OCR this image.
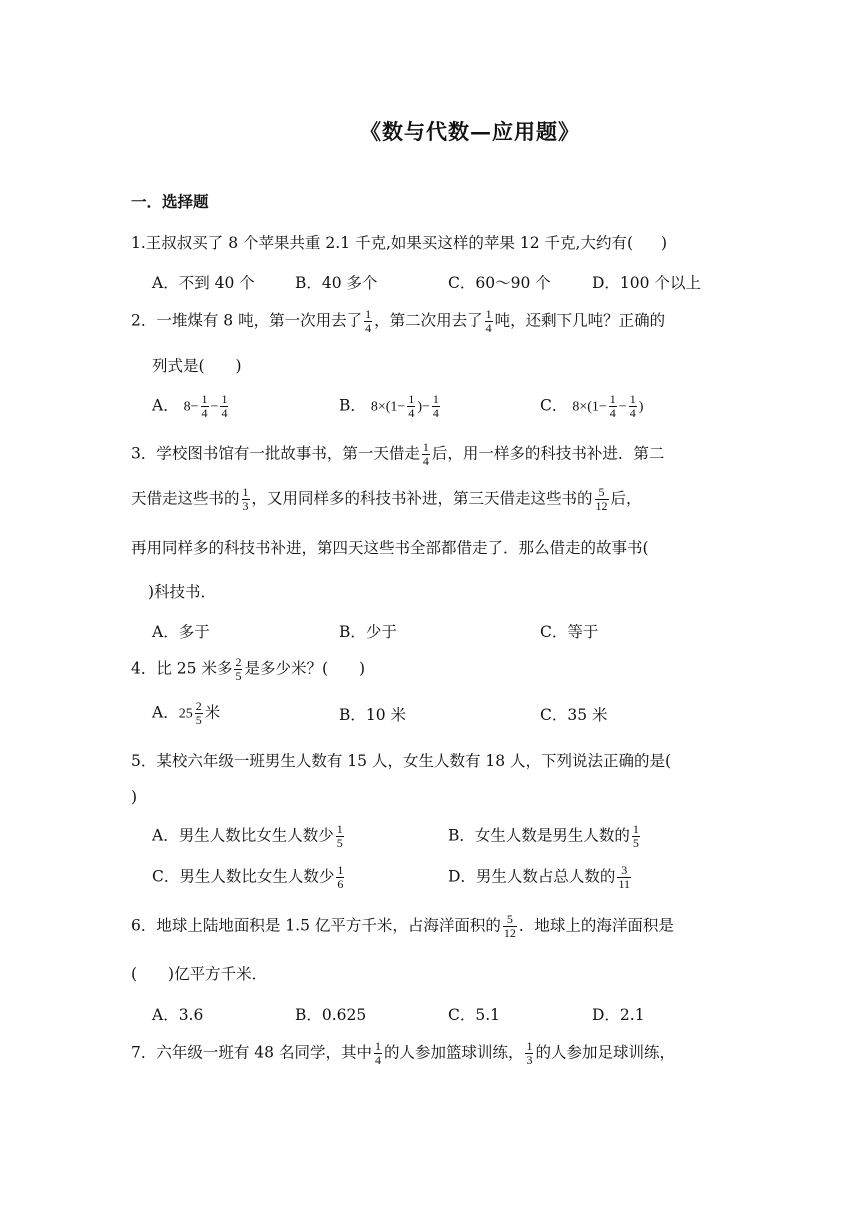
《数与代数—应用题》
一．选择题
1.王叔叔买了 8 个苹果共重 2.1 千克,如果买这样的苹果 12 千克,大约有( )
A．不到 40 个	B．40 多个	C．60～90 个	D．100 个以上
2．一堆煤有 8 吨，第一次用去了 $\frac{1}{4}$ ，第二次用去了 $\frac{1}{4}$ 吨，还剩下几吨？正确的
列式是(　　)
A． $8- \frac{1}{4} - \frac{1}{4}$	B． $8\times(1- \frac{1}{4}$ )− $\frac{1}{4}$	C． $8\times(1- \frac{1}{4} - \frac{1}{4}$ )
3．学校图书馆有一批故事书，第一天借走 $\frac{1}{4}$ 后，用一样多的科技书补进．第二
天借走这些书的 $\frac{1}{3}$ ，又用同样多的科技书补进，第三天借走这些书的 $\frac{5}{12}$ 后，
再用同样多的科技书补进，第四天这些书全部都借走了．那么借走的故事书(
)科技书．
A．多于	B．少于	C．等于
4．比 25 米多 $\frac{2}{5}$ 是多少米？(　　)
A．$25 \frac{2}{5}$ 米	B．10 米	C．35 米
5．某校六年级一班男生人数有 15 人，女生人数有 18 人，下列说法正确的是(
)
A．男生人数比女生人数少 $\frac{1}{5}$	B．女生人数是男生人数的 $\frac{1}{5}$
C．男生人数比女生人数少 $\frac{1}{6}$	D．男生人数占总人数的 $\frac{3}{11}$
6．地球上陆地面积是 1.5 亿平方千米，占海洋面积的 $\frac{5}{12}$ ．地球上的海洋面积是
(　　)亿平方千米．
A．3.6	B．0.625	C．5.1	D．2.1
7．六年级一班有 48 名同学，其中 $\frac{1}{4}$ 的人参加篮球训练， $\frac{1}{3}$ 的人参加足球训练，
